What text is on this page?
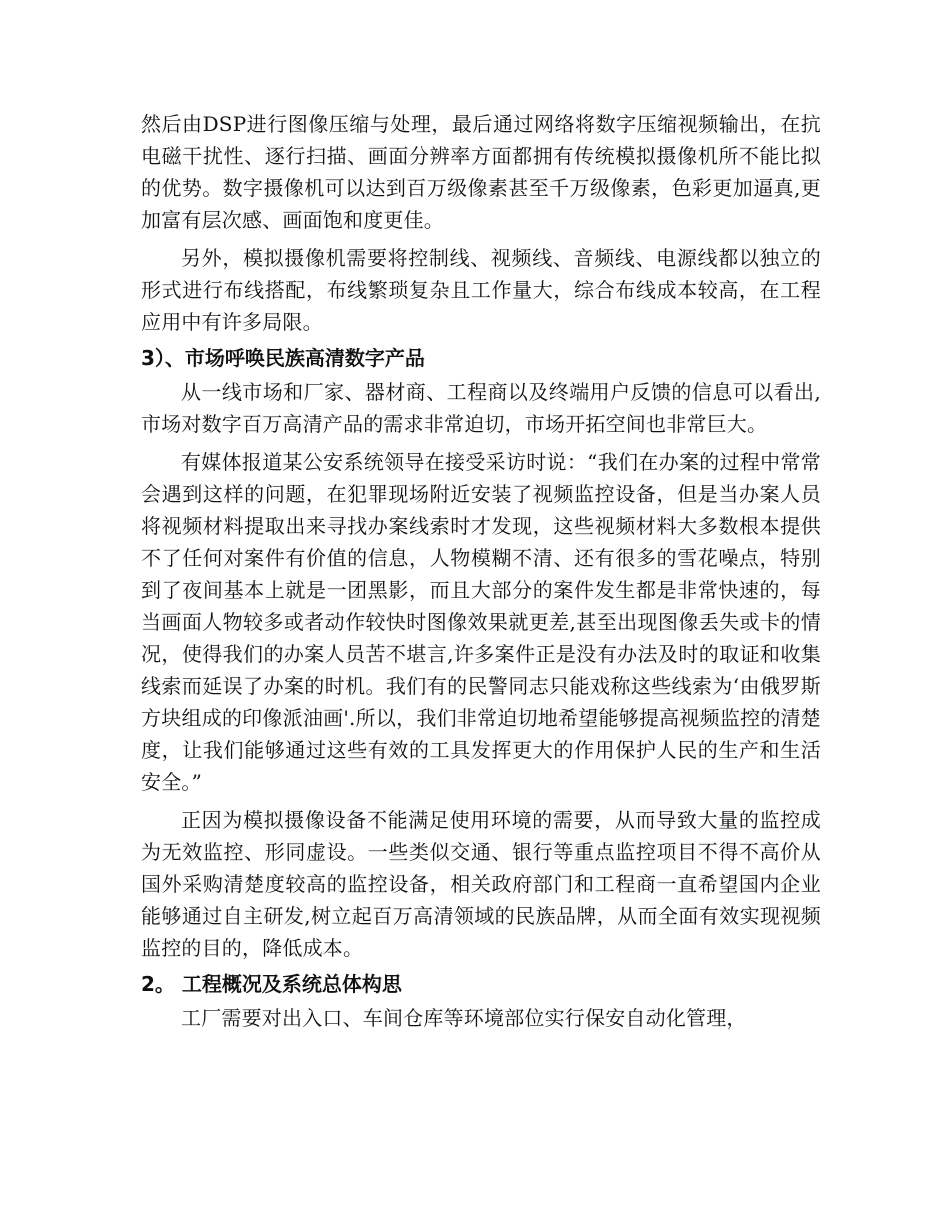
然后由DSP进行图像压缩与处理，最后通过网络将数字压缩视频输出，在抗电磁干扰性、逐行扫描、画面分辨率方面都拥有传统模拟摄像机所不能比拟的优势。数字摄像机可以达到百万级像素甚至千万级像素，色彩更加逼真,更加富有层次感、画面饱和度更佳。

另外，模拟摄像机需要将控制线、视频线、音频线、电源线都以独立的形式进行布线搭配，布线繁琐复杂且工作量大，综合布线成本较高，在工程应用中有许多局限。

3）、市场呼唤民族高清数字产品

从一线市场和厂家、器材商、工程商以及终端用户反馈的信息可以看出,市场对数字百万高清产品的需求非常迫切，市场开拓空间也非常巨大。

有媒体报道某公安系统领导在接受采访时说：“我们在办案的过程中常常会遇到这样的问题，在犯罪现场附近安装了视频监控设备，但是当办案人员将视频材料提取出来寻找办案线索时才发现，这些视频材料大多数根本提供不了任何对案件有价值的信息，人物模糊不清、还有很多的雪花噪点，特别到了夜间基本上就是一团黑影，而且大部分的案件发生都是非常快速的，每当画面人物较多或者动作较快时图像效果就更差,甚至出现图像丢失或卡的情况，使得我们的办案人员苦不堪言,许多案件正是没有办法及时的取证和收集线索而延误了办案的时机。我们有的民警同志只能戏称这些线索为‘由俄罗斯方块组成的印像派油画'.所以，我们非常迫切地希望能够提高视频监控的清楚度，让我们能够通过这些有效的工具发挥更大的作用保护人民的生产和生活安全。”

正因为模拟摄像设备不能满足使用环境的需要，从而导致大量的监控成为无效监控、形同虚设。一些类似交通、银行等重点监控项目不得不高价从国外采购清楚度较高的监控设备，相关政府部门和工程商一直希望国内企业能够通过自主研发,树立起百万高清领域的民族品牌，从而全面有效实现视频监控的目的，降低成本。

2。 工程概况及系统总体构思

工厂需要对出入口、车间仓库等环境部位实行保安自动化管理，
